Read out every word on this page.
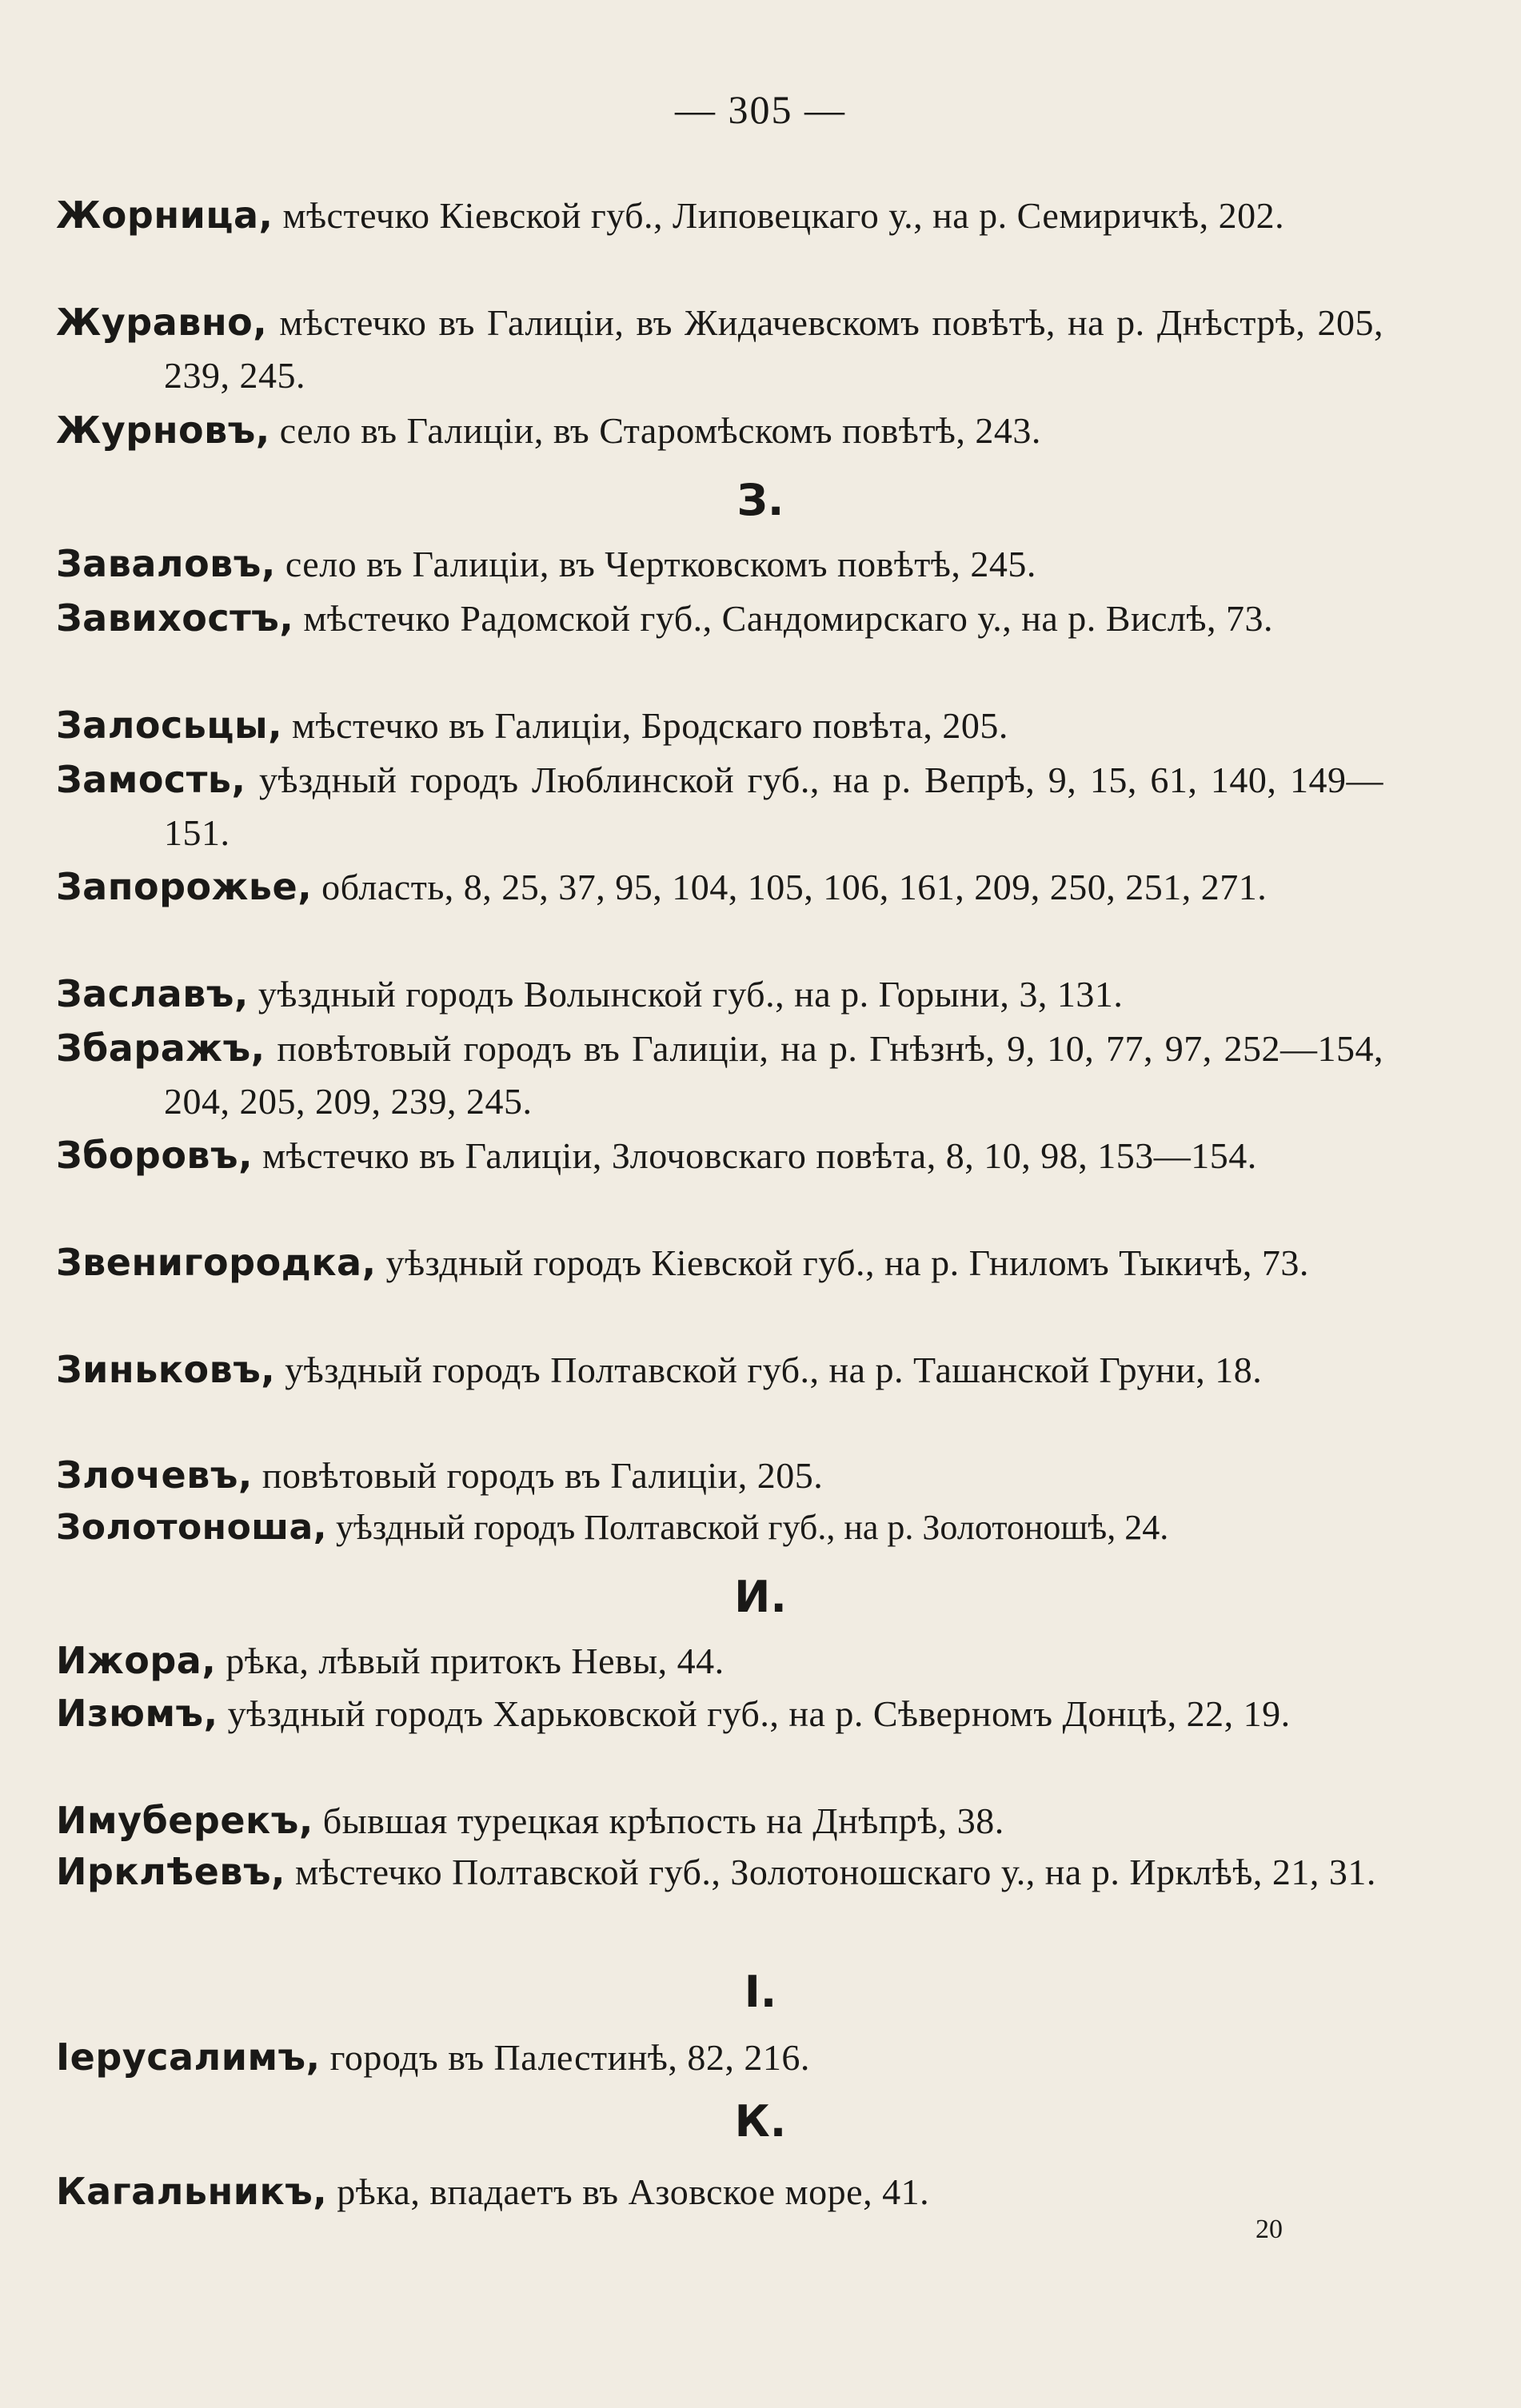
— 305 —
Жорница, мѣстечко Кіевской губ., Липовецкаго у., на р. Семиричкѣ, 202.
Журавно, мѣстечко въ Галиціи, въ Жидачевскомъ повѣтѣ, на р. Днѣстрѣ, 205, 239, 245.
Журновъ, село въ Галиціи, въ Старомѣскомъ повѣтѣ, 243.
З.
Заваловъ, село въ Галиціи, въ Чертковскомъ повѣтѣ, 245.
Завихостъ, мѣстечко Радомской губ., Сандомирскаго у., на р. Вислѣ, 73.
Залосьцы, мѣстечко въ Галиціи, Бродскаго повѣта, 205.
Замость, уѣздный городъ Люблинской губ., на р. Вепрѣ, 9, 15, 61, 140, 149—151.
Запорожье, область, 8, 25, 37, 95, 104, 105, 106, 161, 209, 250, 251, 271.
Заславъ, уѣздный городъ Волынской губ., на р. Горыни, 3, 131.
Збаражъ, повѣтовый городъ въ Галиціи, на р. Гнѣзнѣ, 9, 10, 77, 97, 252—154, 204, 205, 209, 239, 245.
Зборовъ, мѣстечко въ Галиціи, Злочовскаго повѣта, 8, 10, 98, 153—154.
Звенигородка, уѣздный городъ Кіевской губ., на р. Гниломъ Тыкичѣ, 73.
Зиньковъ, уѣздный городъ Полтавской губ., на р. Ташанской Груни, 18.
Злочевъ, повѣтовый городъ въ Галиціи, 205.
Золотоноша, уѣздный городъ Полтавской губ., на р. Золотоношѣ, 24.
И.
Ижора, рѣка, лѣвый притокъ Невы, 44.
Изюмъ, уѣздный городъ Харьковской губ., на р. Сѣверномъ Донцѣ, 22, 19.
Имуберекъ, бывшая турецкая крѣпость на Днѣпрѣ, 38.
Ирклѣевъ, мѣстечко Полтавской губ., Золотоношскаго у., на р. Ирклѣѣ, 21, 31.
І.
Іерусалимъ, городъ въ Палестинѣ, 82, 216.
К.
Кагальникъ, рѣка, впадаетъ въ Азовское море, 41.
20
